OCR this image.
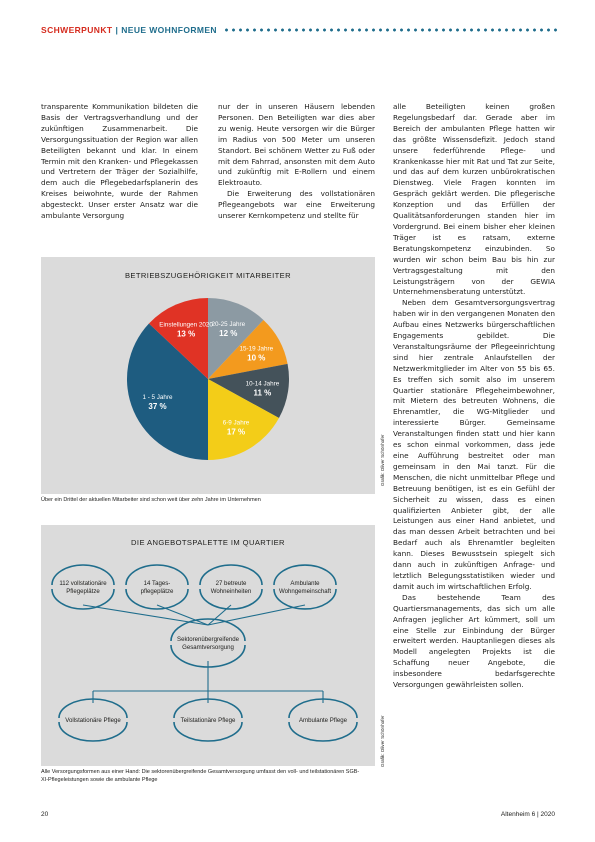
SCHWERPUNKT | NEUE WOHNFORMEN

transparente Kommunikation bildeten die Basis der Vertragsverhandlung und der zukünftigen Zusammenarbeit. Die Versorgungssituation der Region war allen Beteiligten bekannt und klar. In einem Termin mit den Kranken- und Pflegekassen und Vertretern der Träger der Sozialhilfe, dem auch die Pflegebedarfsplanerin des Kreises beiwohnte, wurde der Rahmen abgesteckt. Unser erster Ansatz war die ambulante Versorgung

nur der in unseren Häusern lebenden Personen. Den Beteiligten war dies aber zu wenig. Heute versorgen wir die Bürger im Radius von 500 Meter um unseren Standort. Bei schönem Wetter zu Fuß oder mit dem Fahrrad, ansonsten mit dem Auto und zukünftig mit E-Rollern und einem Elektroauto.

Die Erweiterung des vollstationären Pflegeangebots war eine Erweiterung unserer Kernkompetenz und stellte für

alle Beteiligten keinen großen Regelungsbedarf dar. Gerade aber im Bereich der ambulanten Pflege hatten wir das größte Wissensdefizit. Jedoch stand unsere federführende Pflege- und Krankenkasse hier mit Rat und Tat zur Seite, und das auf dem kurzen unbürokratischen Dienstweg. Viele Fragen konnten im Gespräch geklärt werden. Die pflegerische Konzeption und das Erfüllen der Qualitätsanforderungen standen hier im Vordergrund. Bei einem bisher eher kleinen Träger ist es ratsam, externe Beratungskompetenz einzubinden. So wurden wir schon beim Bau bis hin zur Vertragsgestaltung mit den Leistungsträgern von der GEWIA Unternehmensberatung unterstützt.

Neben dem Gesamtversorgungsvertrag haben wir in den vergangenen Monaten den Aufbau eines Netzwerks bürgerschaftlichen Engagements gebildet. Die Veranstaltungsräume der Pflegeeinrichtung sind hier zentrale Anlaufstellen der Netzwerkmitglieder im Alter von 55 bis 65. Es treffen sich somit also im unserem Quartier stationäre Pflegeheimbewohner, mit Mietern des betreuten Wohnens, die Ehrenamtler, die WG-Mitglieder und interessierte Bürger. Gemeinsame Veranstaltungen finden statt und hier kann es schon einmal vorkommen, dass jede eine Aufführung bestreitet oder man gemeinsam in den Mai tanzt. Für die Menschen, die nicht unmittelbar Pflege und Betreuung benötigen, ist es ein Gefühl der Sicherheit zu wissen, dass es einen qualifizierten Anbieter gibt, der alle Leistungen aus einer Hand anbietet, und das man dessen Arbeit betrachten und bei Bedarf auch als Ehrenamtler begleiten kann. Dieses Bewusstsein spiegelt sich dann auch in zukünftigen Anfrage- und letztlich Belegungsstatistiken wieder und damit auch im wirtschaftlichen Erfolg.

Das bestehende Team des Quartiersmanagements, das sich um alle Anfragen jeglicher Art kümmert, soll um eine Stelle zur Einbindung der Bürger erweitert werden. Hauptanliegen dieses als Modell angelegten Projekts ist die Schaffung neuer Angebote, die insbesondere bedarfsgerechte Versorgungen gewährleisten sollen.

BETRIEBSZUGEHÖRIGKEIT MITARBEITER
20-25 Jahre
12 %
15-19 Jahre
10 %
10-14 Jahre
11 %
6-9 Jahre
17 %
1 - 5 Jahre
37 %
Einstellungen 2020
13 %
Über ein Drittel der aktuellen Mitarbeiter sind schon weit über zehn Jahre im Unternehmen
Grafik: Oliver Schönhofer
DIE ANGEBOTSPALETTE IM QUARTIER
112 vollstationäre
Pflegeplätze
14 Tages-
pflegeplätze
27 betreute
Wohneinheiten
Ambulante
Wohngemeinschaft
Sektorenübergreifende
Gesamtversorgung
Vollstationäre Pflege	Teilstationäre Pflege	Ambulante Pflege
Alle Versorgungsformen aus einer Hand: Die sektorenübergreifende Gesamtversorgung umfasst den voll- und teilstationären SGB-XI-Pflegeleistungen sowie die ambulante Pflege
Grafik: Oliver Schönhofer
20	Altenheim 6 | 2020
